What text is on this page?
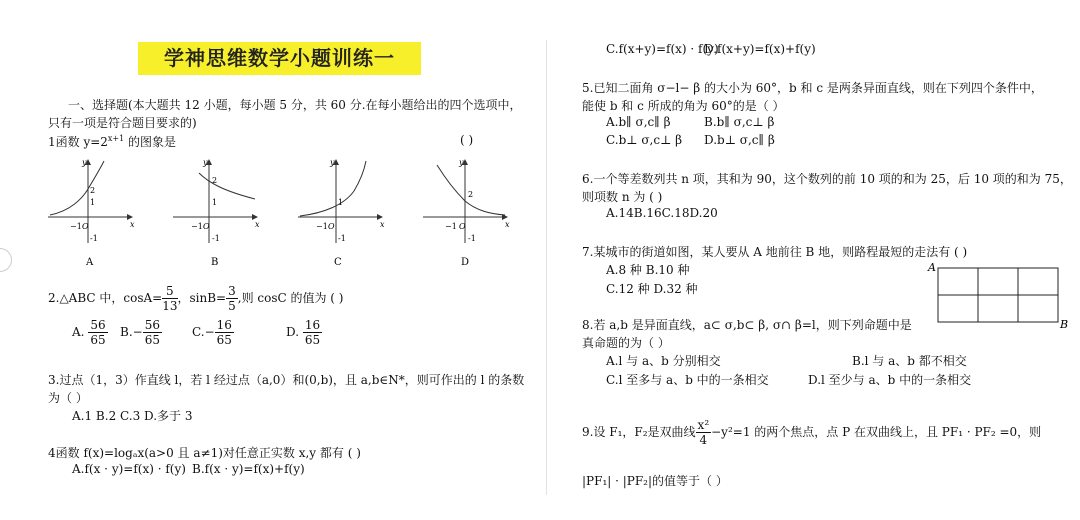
学神思维数学小题训练一
一、选择题(本大题共 12 小题，每小题 5 分，共 60 分.在每小题给出的四个选项中，
只有一项是符合题目要求的)
1函数 $y=2^{x+1}$ 的图象是	( )
−1
1
2
O
-1
x
y
A
−1
1
2
O
-1
x
y
B
−1
1
O
-1
x
y
C
−1
2
O
-1
x
y
D
2.△ABC 中，$\cos A= \frac{5}{13}$ ，$\sin B= \frac{3}{5}$ ,则 cosC 的值为 ( )
A. $\frac{56}{65} B.- \frac{56}{65}$	$C.- \frac{16}{65}$	D. $\frac{16}{65}$
3.过点（1，3）作直线 l，若 l 经过点（a,0）和(0,b)，且 a,b∈N*，则可作出的 l 的条数
为（ ）
A.1 B.2 C.3 D.多于 3
4函数 f(x)=logₐx(a>0 且 a≠1)对任意正实数 x,y 都有 ( )
A.f(x · y)=f(x) · f(y) B.f(x · y)=f(x)+f(y)
C.f(x+y)=f(x) · f(y)
D.f(x+y)=f(x)+f(y)
5.已知二面角 σ−l− β 的大小为 60°，b 和 c 是两条异面直线，则在下列四个条件中，
能使 b 和 c 所成的角为 60°的是（ ）
A.b∥ σ,c∥ β	B.b∥ σ,c⊥ β
C.b⊥ σ,c⊥ β D.b⊥ σ,c∥ β
6.一个等差数列共 n 项，其和为 90，这个数列的前 10 项的和为 25，后 10 项的和为 75，
则项数 n 为 ( )
A.14B.16C.18D.20
7.某城市的街道如图，某人要从 A 地前往 B 地，则路程最短的走法有 ( )
A.8 种 B.10 种
C.12 种 D.32 种
A
B
8.若 a,b 是异面直线，a⊂ σ,b⊂ β, σ∩ β=l，则下列命题中是
真命题的为（ ）
A.l 与 a、b 分别相交	B.l 与 a、b 都不相交
C.l 至多与 a、b 中的一条相交	D.l 至少与 a、b 中的一条相交
9.设 F₁，F₂是双曲线 $\frac{\text{x²}}{4} -y^2=1$ 的两个焦点，点 P 在双曲线上，且 PF₁ · PF₂ =0，则
|PF₁| · |PF₂|的值等于（ ）
